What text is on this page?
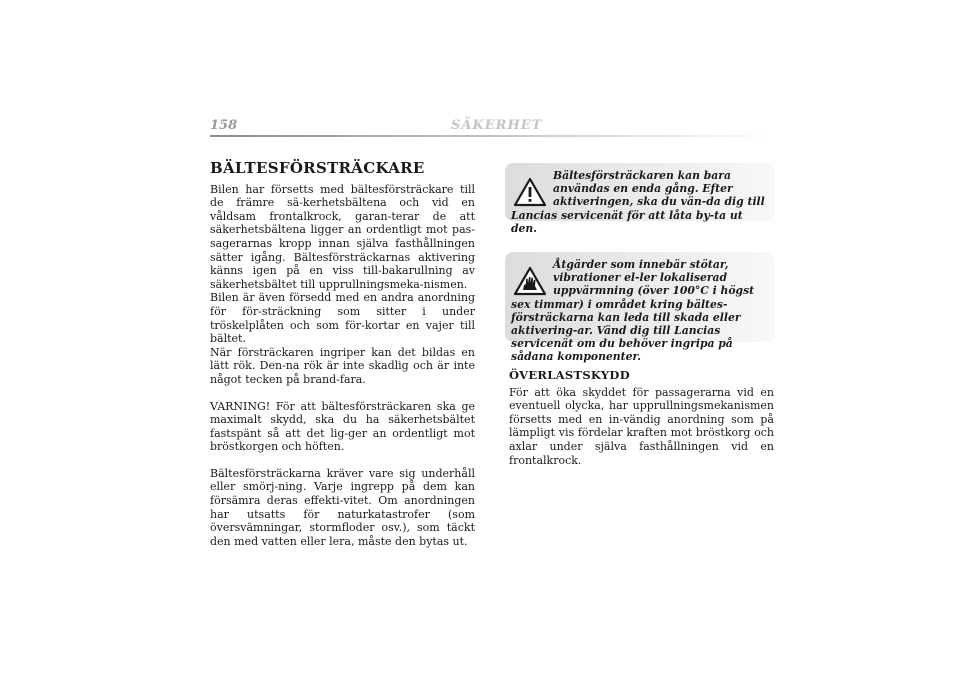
158	SÄKERHET
BÄLTESFÖRSTRÄCKARE

Bilen har försetts med bältesförsträckare till de främre sä-kerhetsbältena och vid en våldsam frontalkrock, garan-terar de att säkerhetsbältena ligger an ordentligt mot pas-sagerarnas kropp innan själva fasthållningen sätter igång. Bältesförsträckarnas aktivering känns igen på en viss till-bakarullning av säkerhetsbältet till upprullningsmeka-nismen.

Bilen är även försedd med en andra anordning för för-sträckning som sitter i under tröskelplåten och som för-kortar en vajer till bältet.

När försträckaren ingriper kan det bildas en lätt rök. Den-na rök är inte skadlig och är inte något tecken på brand-fara.

VARNING! För att bältesförsträckaren ska ge maximalt skydd, ska du ha säkerhetsbältet fastspänt så att det lig-ger an ordentligt mot bröstkorgen och höften.

Bältesförsträckarna kräver vare sig underhåll eller smörj-ning. Varje ingrepp på dem kan försämra deras effekti-vitet. Om anordningen har utsatts för naturkatastrofer (som översvämningar, stormfloder osv.), som täckt den med vatten eller lera, måste den bytas ut.

Bältesförsträckaren kan bara användas en enda gång. Efter aktiveringen, ska du vän-da dig till Lancias servicenät för att låta by-ta ut den.

Åtgärder som innebär stötar, vibrationer el-ler lokaliserad uppvärmning (över 100°C i högst sex timmar) i området kring bältes-försträckarna kan leda till skada eller aktivering-ar. Vänd dig till Lancias servicenät om du behöver ingripa på sådana komponenter.

ÖVERLASTSKYDD

För att öka skyddet för passagerarna vid en eventuell olycka, har upprullningsmekanismen försetts med en in-vändig anordning som på lämpligt vis fördelar kraften mot bröstkorg och axlar under själva fasthållningen vid en frontalkrock.
